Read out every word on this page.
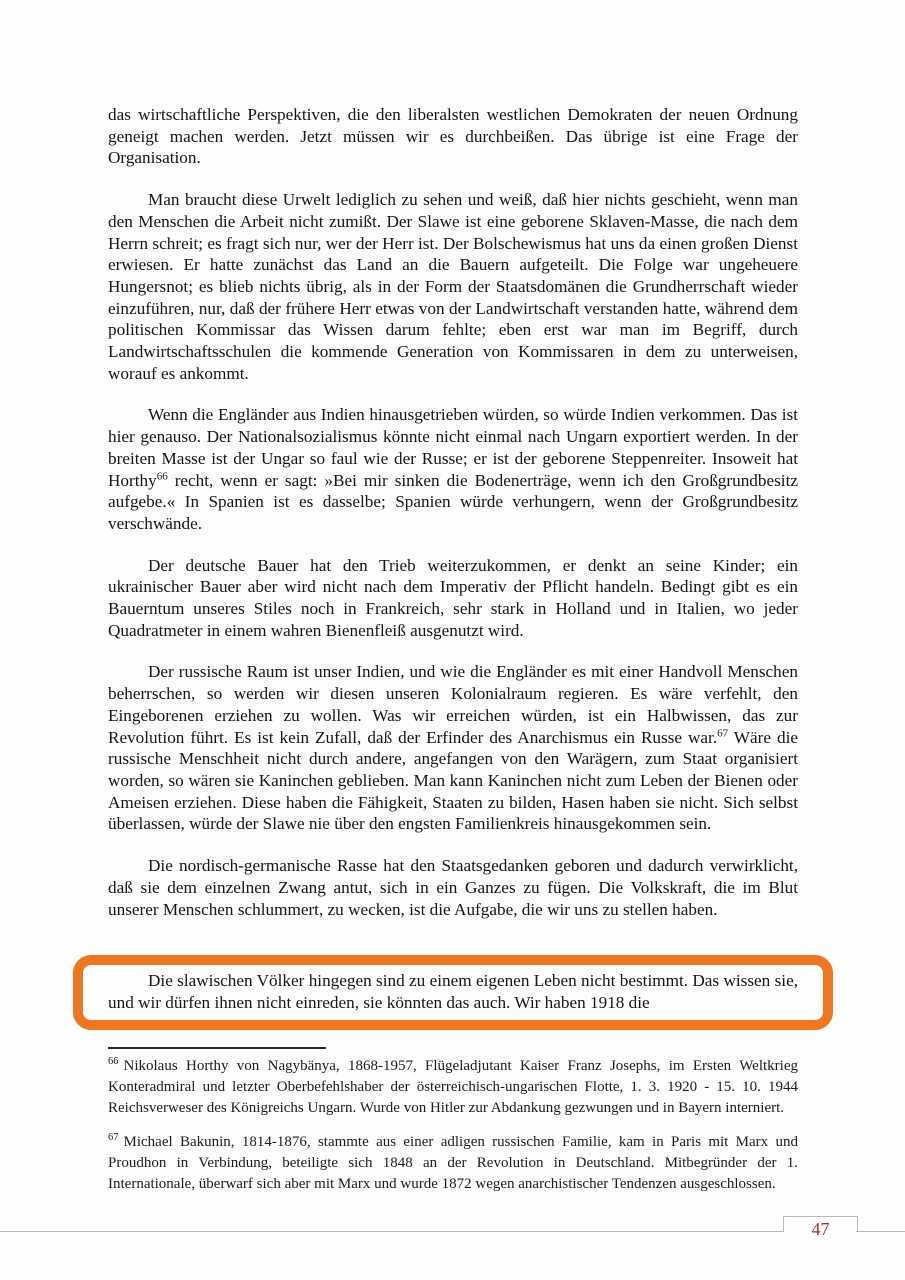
das wirtschaftliche Perspektiven, die den liberalsten westlichen Demokraten der neuen Ordnung geneigt machen werden. Jetzt müssen wir es durchbeißen. Das übrige ist eine Frage der Organisation.

Man braucht diese Urwelt lediglich zu sehen und weiß, daß hier nichts geschieht, wenn man den Menschen die Arbeit nicht zumißt. Der Slawe ist eine geborene Sklaven-Masse, die nach dem Herrn schreit; es fragt sich nur, wer der Herr ist. Der Bolschewismus hat uns da einen großen Dienst erwiesen. Er hatte zunächst das Land an die Bauern aufgeteilt. Die Folge war ungeheuere Hungersnot; es blieb nichts übrig, als in der Form der Staatsdomänen die Grundherrschaft wieder einzuführen, nur, daß der frühere Herr etwas von der Landwirtschaft verstanden hatte, während dem politischen Kommissar das Wissen darum fehlte; eben erst war man im Begriff, durch Landwirtschaftsschulen die kommende Generation von Kommissaren in dem zu unterweisen, worauf es ankommt.

Wenn die Engländer aus Indien hinausgetrieben würden, so würde Indien verkommen. Das ist hier genauso. Der Nationalsozialismus könnte nicht einmal nach Ungarn exportiert werden. In der breiten Masse ist der Ungar so faul wie der Russe; er ist der geborene Steppenreiter. Insoweit hat Horthy$^{66}$ recht, wenn er sagt: »Bei mir sinken die Bodenerträge, wenn ich den Großgrundbesitz aufgebe.« In Spanien ist es dasselbe; Spanien würde verhungern, wenn der Großgrundbesitz verschwände.

Der deutsche Bauer hat den Trieb weiterzukommen, er denkt an seine Kinder; ein ukrainischer Bauer aber wird nicht nach dem Imperativ der Pflicht handeln. Bedingt gibt es ein Bauerntum unseres Stiles noch in Frankreich, sehr stark in Holland und in Italien, wo jeder Quadratmeter in einem wahren Bienenfleiß ausgenutzt wird.

Der russische Raum ist unser Indien, und wie die Engländer es mit einer Handvoll Menschen beherrschen, so werden wir diesen unseren Kolonialraum regieren. Es wäre verfehlt, den Eingeborenen erziehen zu wollen. Was wir erreichen würden, ist ein Halbwissen, das zur Revolution führt. Es ist kein Zufall, daß der Erfinder des Anarchismus ein Russe war.$^{67}$ Wäre die russische Menschheit nicht durch andere, angefangen von den Warägern, zum Staat organisiert worden, so wären sie Kaninchen geblieben. Man kann Kaninchen nicht zum Leben der Bienen oder Ameisen erziehen. Diese haben die Fähigkeit, Staaten zu bilden, Hasen haben sie nicht. Sich selbst überlassen, würde der Slawe nie über den engsten Familienkreis hinausgekommen sein.

Die nordisch-germanische Rasse hat den Staatsgedanken geboren und dadurch verwirklicht, daß sie dem einzelnen Zwang antut, sich in ein Ganzes zu fügen. Die Volkskraft, die im Blut unserer Menschen schlummert, zu wecken, ist die Aufgabe, die wir uns zu stellen haben.

Die slawischen Völker hingegen sind zu einem eigenen Leben nicht bestimmt. Das wissen sie, und wir dürfen ihnen nicht einreden, sie könnten das auch. Wir haben 1918 die

$^{66}$ Nikolaus Horthy von Nagybänya, 1868-1957, Flügeladjutant Kaiser Franz Josephs, im Ersten Weltkrieg Konteradmiral und letzter Oberbefehlshaber der österreichisch-ungarischen Flotte, 1. 3. 1920 - 15. 10. 1944 Reichsverweser des Königreichs Ungarn. Wurde von Hitler zur Abdankung gezwungen und in Bayern interniert.

$^{67}$ Michael Bakunin, 1814-1876, stammte aus einer adligen russischen Familie, kam in Paris mit Marx und Proudhon in Verbindung, beteiligte sich 1848 an der Revolution in Deutschland. Mitbegründer der 1. Internationale, überwarf sich aber mit Marx und wurde 1872 wegen anarchistischer Tendenzen ausgeschlossen.

47
